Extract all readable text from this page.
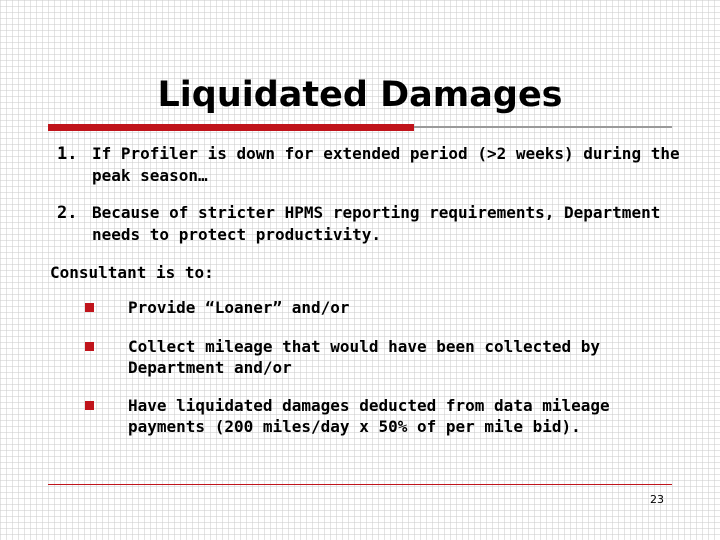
Liquidated Damages
1. If Profiler is down for extended period (>2 weeks) during the peak season…
2. Because of stricter HPMS reporting requirements, Department needs to protect productivity.
Consultant is to:
Provide “Loaner” and/or
Collect mileage that would have been collected by Department and/or
Have liquidated damages deducted from data mileage payments (200 miles/day x 50% of per mile bid).
23
